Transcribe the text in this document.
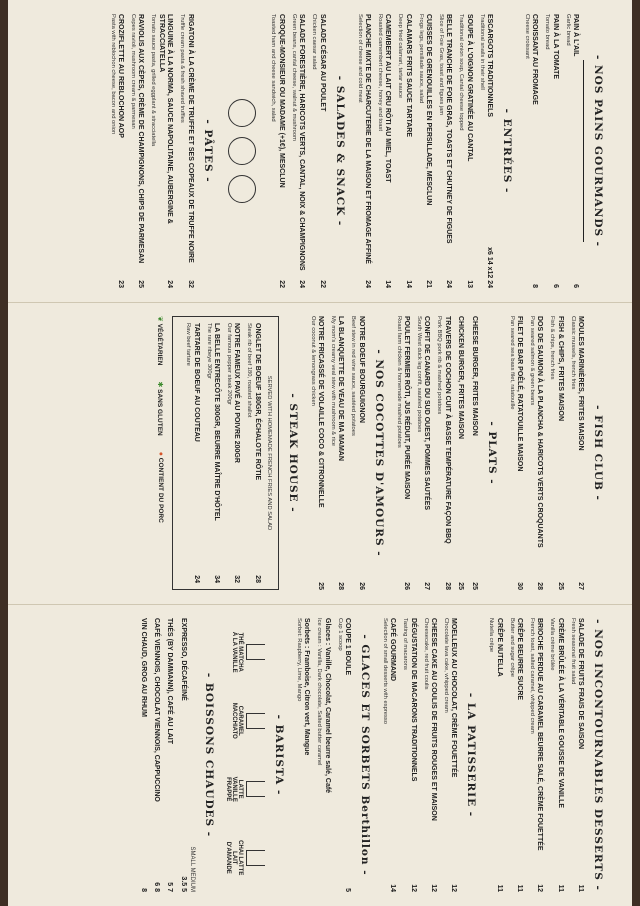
- NOS PAINS GOURMANDS -
PAIN À L'AIL
Garlic bread
6
PAIN À LA TOMATE
Tomato bread
6
CROISSANT AU FROMAGE
Cheese croissant
8
- ENTRÉES -
ESCARGOTS TRADITIONNELS
Traditional snails in their shell
x6 14 x12 24
SOUPE À L'OIGNON GRATINÉE AU CANTAL
Traditional onion soup, Cantal cheese topped
13
BELLE TRANCHE DE FOIE GRAS, TOASTS ET CHUTNEY DE FIGUES
Slice of Foie Gras, toast and figues jam
24
CUISSES DE GRENOUILLES EN PERSILLADE, MESCLUN
Frogs legs, persillade sauce, salad
21
CALAMARS FRITS SAUCE TARTARE
Deep fried calamari, tartar sauce
14
CAMEMBERT AU LAIT CRU RÔTI AU MIEL, TOAST
Roasted camembert cheese, honey and toast
14
PLANCHE MIXTE DE CHARCUTERIE DE LA MAISON ET FROMAGE AFFINÉ
Selection of cheese and cold meat
24
- SALADES & SNACK -
SALADE CÉSAR AU POULET
Chicken caesar salad
22
SALADE FORESTIÈRE, HARICOTS VERTS, CANTAL, NOIX & CHAMPIGNONS
Green beans, cantal cheese, walnut & mushroom
24
CROQUE-MONSIEUR OU MADAME (+1€), MESCLUN
Toasted ham and cheese sandwich, salad
22
- PÂTES -
RIGATONI À LA CRÈME DE TRUFFE ET SES COPEAUX DE TRUFFE NOIRE
Truffle cream pasta & fresh shaved truffles
32
LINGUINE À LA NORMA, SAUCE NAPOLITAINE, AUBERGINE & STRACCIATELLA
Tomato sauce pasta, grilled eggplant & stracciatella
24
RAVIOLIS AUX CÈPES, CRÈME DE CHAMPIGNONS, CHIPS DE PARMESAN
Cepes ravioli, mushroom cream & parmesan
25
CROZIFLETTE AU REBLOCHON AOP
Pasta with reblochon cheese, bacon and onion
23
- FISH CLUB -
MOULES MARINIÈRES, FRITES MAISON
Classic mussels, french fries
27
FISH & CHIPS, FRITES MAISON
Fish & chips, french fries
25
DOS DE SAUMON À LA PLANCHA & HARICOTS VERTS CROQUANTS
Pan seared salmon & green beans
28
FILET DE BAR POÊLÉ, RATATOUILLE MAISON
Pan seared sea bass filet, ratatouille
30
- PLATS -
CHEESE BURGER, FRITES MAISON
25
CHICKEN BURGER, FRITES MAISON
25
TRAVERS DE COCHON CUIT À BASSE TEMPÉRATURE FAÇON BBQ
Pork BBQ pork rib & mashed potatoes
28
CONFIT DE CANARD DU SUD OUEST, POMMES SAUTÉES
South West duck leg confit, sautéed potatoes
27
POULET FERMIER RÔTI, JUS RÉDUIT, PURÉE MAISON
Roast farm chicken & homemade mashed potatoes
26
- NOS COCOTTES D'AMOURS -
NOTRE BOEUF BOURGUIGNON
Beef stew in red wine sauce, sautéed potatoes
26
LA BLANQUETTE DE VEAU DE MA MAMAN
My mom's creamy veal stew with mushroom & rice
28
NOTRE FRICASSÉ DE VOLAILLE COCO & CITRONNELLE
Our coconut & lemongrass chicken
25
- STEAK HOUSE -
SERVED WITH HOMEMADE FRENCH FRIES AND SALAD
ONGLET DE BOEUF 180GR, ÉCHALOTE RÔTIE
Steak rib of beef 180, roasted shallot
28
NOTRE FAMEUX PAVÉ AU POIVRE 200GR
Our famous pepper steak 200gr
32
LA BELLE ENTRECÔTE 300GR, BEURRE MAÎTRE D'HÔTEL
The rare ribeye 300gr
34
TARTARE DE BOEUF AU COUTEAU
Raw beef tartare
24
❦ VÉGÉTARIEN
✱ SANS GLUTEN
● CONTIENT DU PORC
- NOS INCONTOURNABLES DESSERTS -
SALADE DE FRUITS FRAIS DE SAISON
Fresh seasonal fruit salad
11
CRÈME BRÛLÉE À LA VÉRITABLE GOUSSE DE VANILLE
Vanilla crème brûlée
11
BRIOCHE PERDUE AU CARAMEL BEURRE SALÉ, CRÈME FOUETTÉE
French toast, salted caramel, whipped cream
12
CRÊPE BEURRE SUCRE
Butter and sugar crêpe
11
CRÊPE NUTELLA
Nutella crêpe
11
- LA PATISSERIE -
MOELLEUX AU CHOCOLAT, CRÈME FOUETTÉE
Chocolate lava cake, whipped cream
12
CHEESE CAKE AU COULIS DE FRUITS ROUGES ET MAISON
Cheesecake, red fruit coulis
12
DÉGUSTATION DE MACARONS TRADITIONNELS
Tasting of macarons
12
CAFÉ GOURMAND
Selection of small desserts with espresso
14
- GLACES ET SORBETS Berthillon -
COUPE 1 BOULE
Cup 1 scoop
5
Glaces : Vanille, Chocolat, Caramel beurre salé, Café
Ice cream : Vanilla, Dark chocolate, Salted butter caramel
Sorbets : Framboise, Citron vert, Mangue
Sorbet: Raspberry, Lime, Mango
- BARISTA -
THÉ MATCHA À LA VANILLE
CARAMEL MACCHIATO
LATTE VANILLE FRAPPÉ
CHAI LATTE LAIT D'AMANDE
- BOISSONS CHAUDES -
SMALL MEDIUM
EXPRESSO, DÉCAFÉINÉ
3.5 5
THÉS (BY DAMMANN), CAFÉ AU LAIT
5 7
CAFÉ VIENNOIS, CHOCOLAT VIENNOIS, CAPPUCCINO
6 8
VIN CHAUD, GROG AU RHUM
8
